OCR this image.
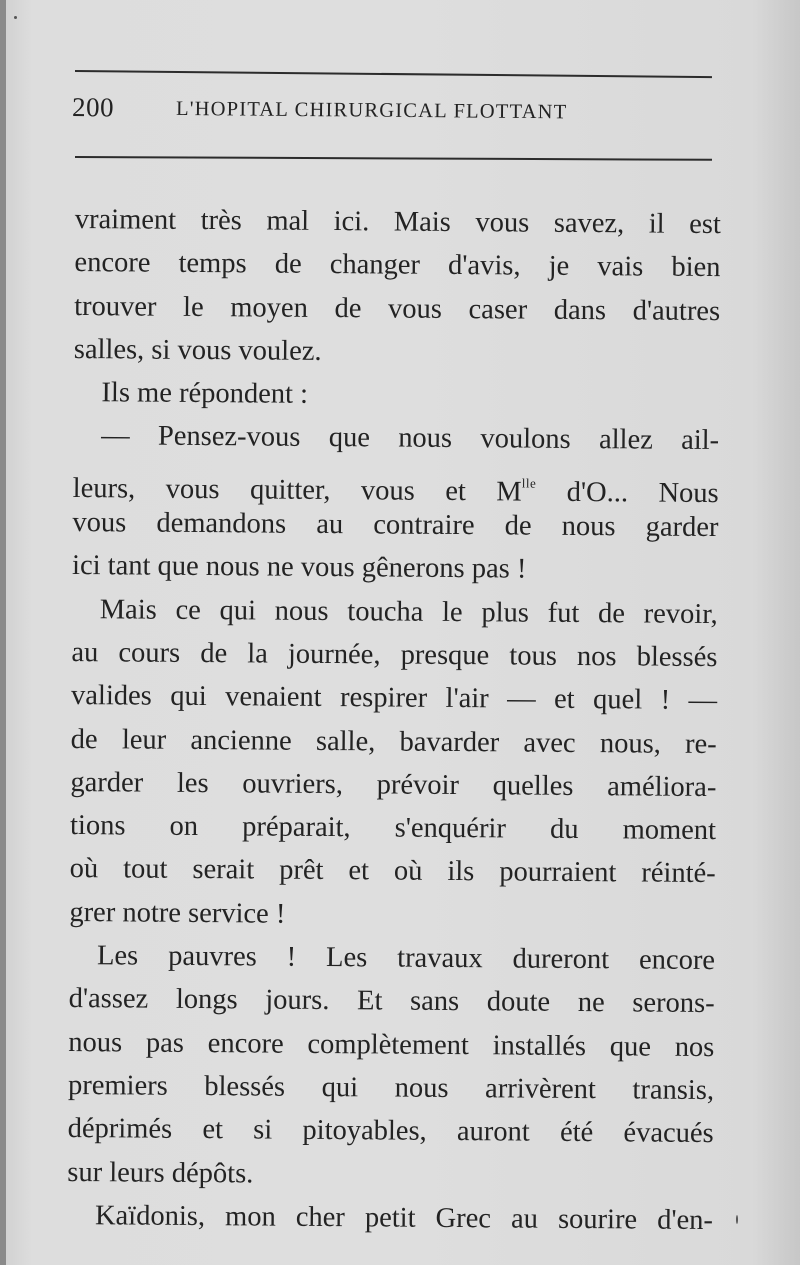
200	L'HOPITAL CHIRURGICAL FLOTTANT
vraiment très mal ici. Mais vous savez, il est
encore temps de changer d'avis, je vais bien
trouver le moyen de vous caser dans d'autres
salles, si vous voulez.
Ils me répondent :
— Pensez-vous que nous voulons allez ail-
leurs, vous quitter, vous et $M^{lle}$ d'O... Nous
vous demandons au contraire de nous garder
ici tant que nous ne vous gênerons pas !
Mais ce qui nous toucha le plus fut de revoir,
au cours de la journée, presque tous nos blessés
valides qui venaient respirer l'air — et quel ! —
de leur ancienne salle, bavarder avec nous, re-
garder les ouvriers, prévoir quelles améliora-
tions on préparait, s'enquérir du moment
où tout serait prêt et où ils pourraient réinté-
grer notre service !
Les pauvres ! Les travaux dureront encore
d'assez longs jours. Et sans doute ne serons-
nous pas encore complètement installés que nos
premiers blessés qui nous arrivèrent transis,
déprimés et si pitoyables, auront été évacués
sur leurs dépôts.
Kaïdonis, mon cher petit Grec au sourire d'en-
